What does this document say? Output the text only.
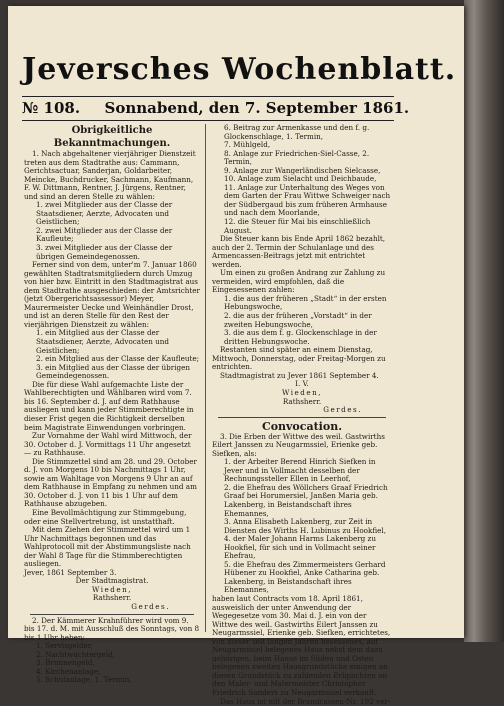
Jeversches Wochenblatt.
№ 108. Sonnabend, den 7. September 1861.

Obrigkeitliche Bekanntmachungen.

1. Nach abgehaltener vierjähriger Dienstzeit treten aus dem Stadtrathe aus: Cammann, Gerichtsactuar, Sanderjan, Goldarbeiter, Meincke, Buchdrucker, Sachmann, Kaufmann, F. W. Dittmann, Rentner, J. Jürgens, Rentner, und sind an deren Stelle zu wählen:

1. zwei Mitglieder aus der Classe der Staatsdiener, Aerzte, Advocaten und Geistlichen;

2. zwei Mitglieder aus der Classe der Kaufleute;

3. zwei Mitglieder aus der Classe der übrigen Gemeindegenossen.

Ferner sind von dem, unter'm 7. Januar 1860 gewählten Stadtratsmitgliedern durch Umzug von hier bzw. Eintritt in den Stadtmagistrat aus dem Stadtrathe ausgeschieden: der Amtsrichter (jetzt Obergerichtsassessor) Meyer, Maurermeister Uecke und Weinhändler Drost, und ist an deren Stelle für den Rest der vierjährigen Dienstzeit zu wählen:

1. ein Mitglied aus der Classe der Staatsdiener, Aerzte, Advocaten und Geistlichen;

2. ein Mitglied aus der Classe der Kaufleute;

3. ein Mitglied aus der Classe der übrigen Gemeindegenossen.

Die für diese Wahl aufgemachte Liste der Wahlberechtigten und Wählbaren wird vom 7. bis 16. September d. J. auf dem Rathhause ausliegen und kann jeder Stimmberechtigte in dieser Frist gegen die Richtigkeit derselben beim Magistrate Einwendungen vorbringen.

Zur Vornahme der Wahl wird Mittwoch, der 30. October d. J. Vormittags 11 Uhr angesetzt — zu Rathhause.

Die Stimmzettel sind am 28. und 29. October d. J. von Morgens 10 bis Nachmittags 1 Uhr, sowie am Wahltage von Morgens 9 Uhr an auf dem Rathhause in Empfang zu nehmen und am 30. October d. J. von 11 bis 1 Uhr auf dem Rathhause abzugeben.

Eine Bevollmächtigung zur Stimmgebung, oder eine Stellvertretung, ist unstatthaft.

Mit dem Ziehen der Stimmzettel wird um 1 Uhr Nachmittags begonnen und das Wahlprotocoll mit der Abstimmungsliste nach der Wahl 8 Tage für die Stimmberechtigten ausliegen.

Jever, 1861 September 3.

Der Stadtmagistrat.

Wieden,

Rathsherr.

Gerdes.

2. Der Kämmerer Krahnführer wird vom 9. bis 17. d. M. mit Ausschluß des Sonntags, von 8 bis 1 Uhr heben:

1. Servisgelder,

2. Nachtwächtergeld,

3. Brunnengeld,

4. Kirchenanlage,

5. Schulanlage, 1. Termin,

6. Beitrag zur Armenkasse und den f. g. Glockenschlage, 1. Termin,

7. Mühlgeld,

8. Anlage zur Friedrichen-Siel-Casse, 2. Termin,

9. Anlage zur Wangerländischen Sielcasse,

10. Anlage zum Sielacht und Deichbaude,

11. Anlage zur Unterhaltung des Weges von dem Garten der Frau Wittwe Schweiger nach der Südbergaud bis zum früheren Armhause und nach dem Moorlande,

12. die Steuer für Mai bis einschließlich August.

Die Steuer kann bis Ende April 1862 bezahlt, auch der 2. Termin der Schulanlage und des Armencassen-Beitrags jetzt mit entrichtet werden.

Um einen zu großen Andrang zur Zahlung zu vermeiden, wird empfohlen, daß die Eingesessenen zahlen:

1. die aus der früheren „Stadt“ in der ersten Hebungswoche,

2. die aus der früheren „Vorstadt“ in der zweiten Hebungswoche,

3. die aus dem f. g. Glockenschlage in der dritten Hebungswoche.

Restanten sind später an einem Dienstag, Mittwoch, Donnerstag, oder Freitag-Morgen zu entrichten.

Stadtmagistrat zu Jever 1861 September 4.

I. V.

Wieden,

Rathsherr.

Gerdes.

Convocation.

3. Die Erben der Wittwe des weil. Gastwirths Eilert Janssen zu Neugarmssiel, Erienke geb. Siefken, als:

1. der Arbeiter Berend Hinrich Siefken in Jever und in Vollmacht desselben der Rechnungssteller Ellen in Leerhof,

2. die Ehefrau des Wöllchers Graaf Friedrich Graaf bei Horumersiel, Janßen Maria geb. Lakenberg, in Beistandschaft ihres Ehemannes,

3. Anna Elisabeth Lakenberg, zur Zeit in Diensten des Wirths H. Lubinus zu Hookfiel,

4. der Maler Johann Harms Lakenberg zu Hookfiel, für sich und in Vollmacht seiner Ehefrau,

5. die Ehefrau des Zimmermeisters Gerhard Hübener zu Hookfiel, Anke Catharina geb. Lakenberg, in Beistandschaft ihres Ehemannes,

haben laut Contracts vom 18. April 1861, ausweislich der unter Anwendung der Wegegesetze vom 30. Mai d. J. ein von der Wittwe des weil. Gastwirths Eilert Janssen zu Neugarmssiel, Erienke geb. Siefken, errichtetes, von dieser seit langen Jahren besessenes, auf Neugarmssiel belegenes Haus nebst dem dazu gehörigen, beim Hause im Süden und Osten belegenen zweiten Hausgrundstücke einigen an diesen Grundstück zu zahlenden Erbpachten an den Maler- und Malermeister Christopher Friedrich Sanders zu Neugarmssiel verkauft.

Das Haus ist mit der Brandcassen-Nr. 192 ver-
